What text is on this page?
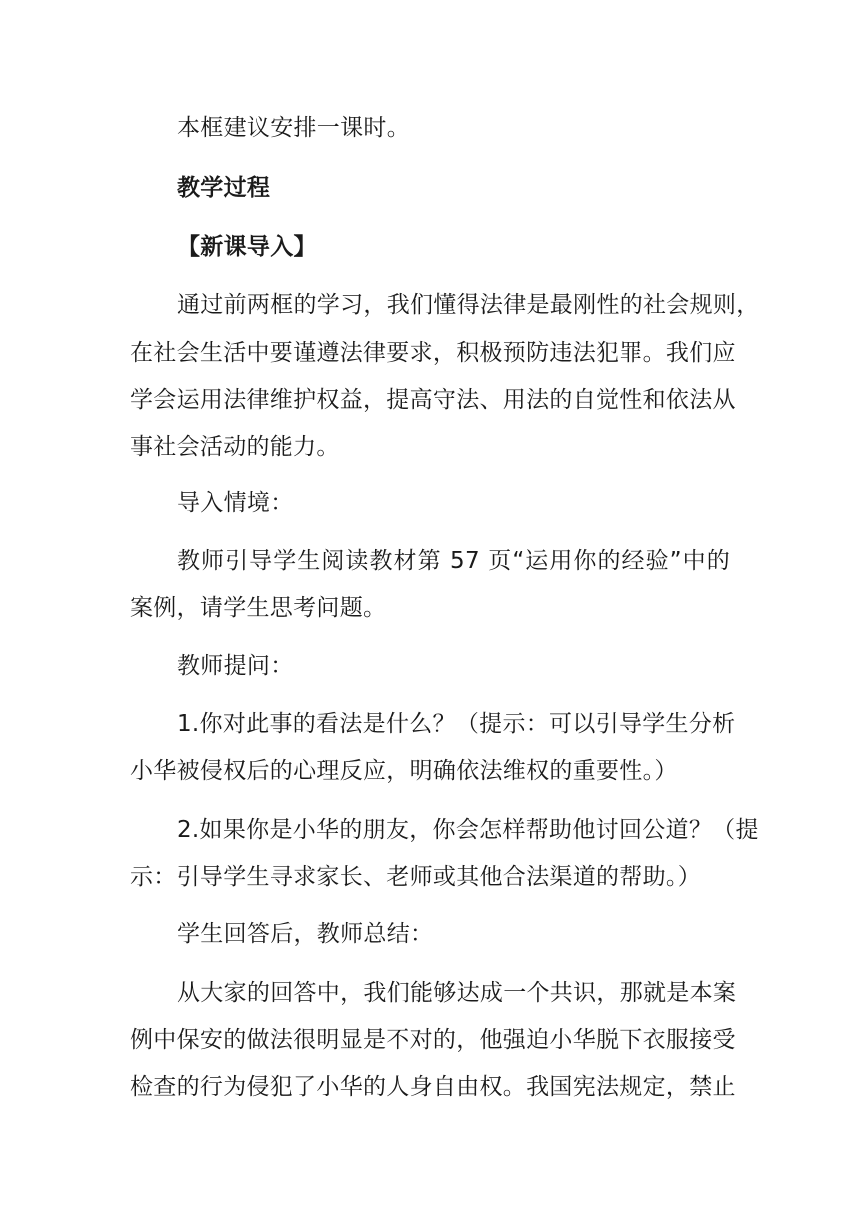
本框建议安排一课时。
教学过程
【新课导入】
通过前两框的学习，我们懂得法律是最刚性的社会规则，
在社会生活中要谨遵法律要求，积极预防违法犯罪。我们应
学会运用法律维护权益，提高守法、用法的自觉性和依法从
事社会活动的能力。
导入情境：
教师引导学生阅读教材第 57 页“运用你的经验”中的
案例，请学生思考问题。
教师提问：
1.你对此事的看法是什么？（提示：可以引导学生分析
小华被侵权后的心理反应，明确依法维权的重要性。）
2.如果你是小华的朋友，你会怎样帮助他讨回公道？（提
示：引导学生寻求家长、老师或其他合法渠道的帮助。）
学生回答后，教师总结：
从大家的回答中，我们能够达成一个共识，那就是本案
例中保安的做法很明显是不对的，他强迫小华脱下衣服接受
检查的行为侵犯了小华的人身自由权。我国宪法规定，禁止
